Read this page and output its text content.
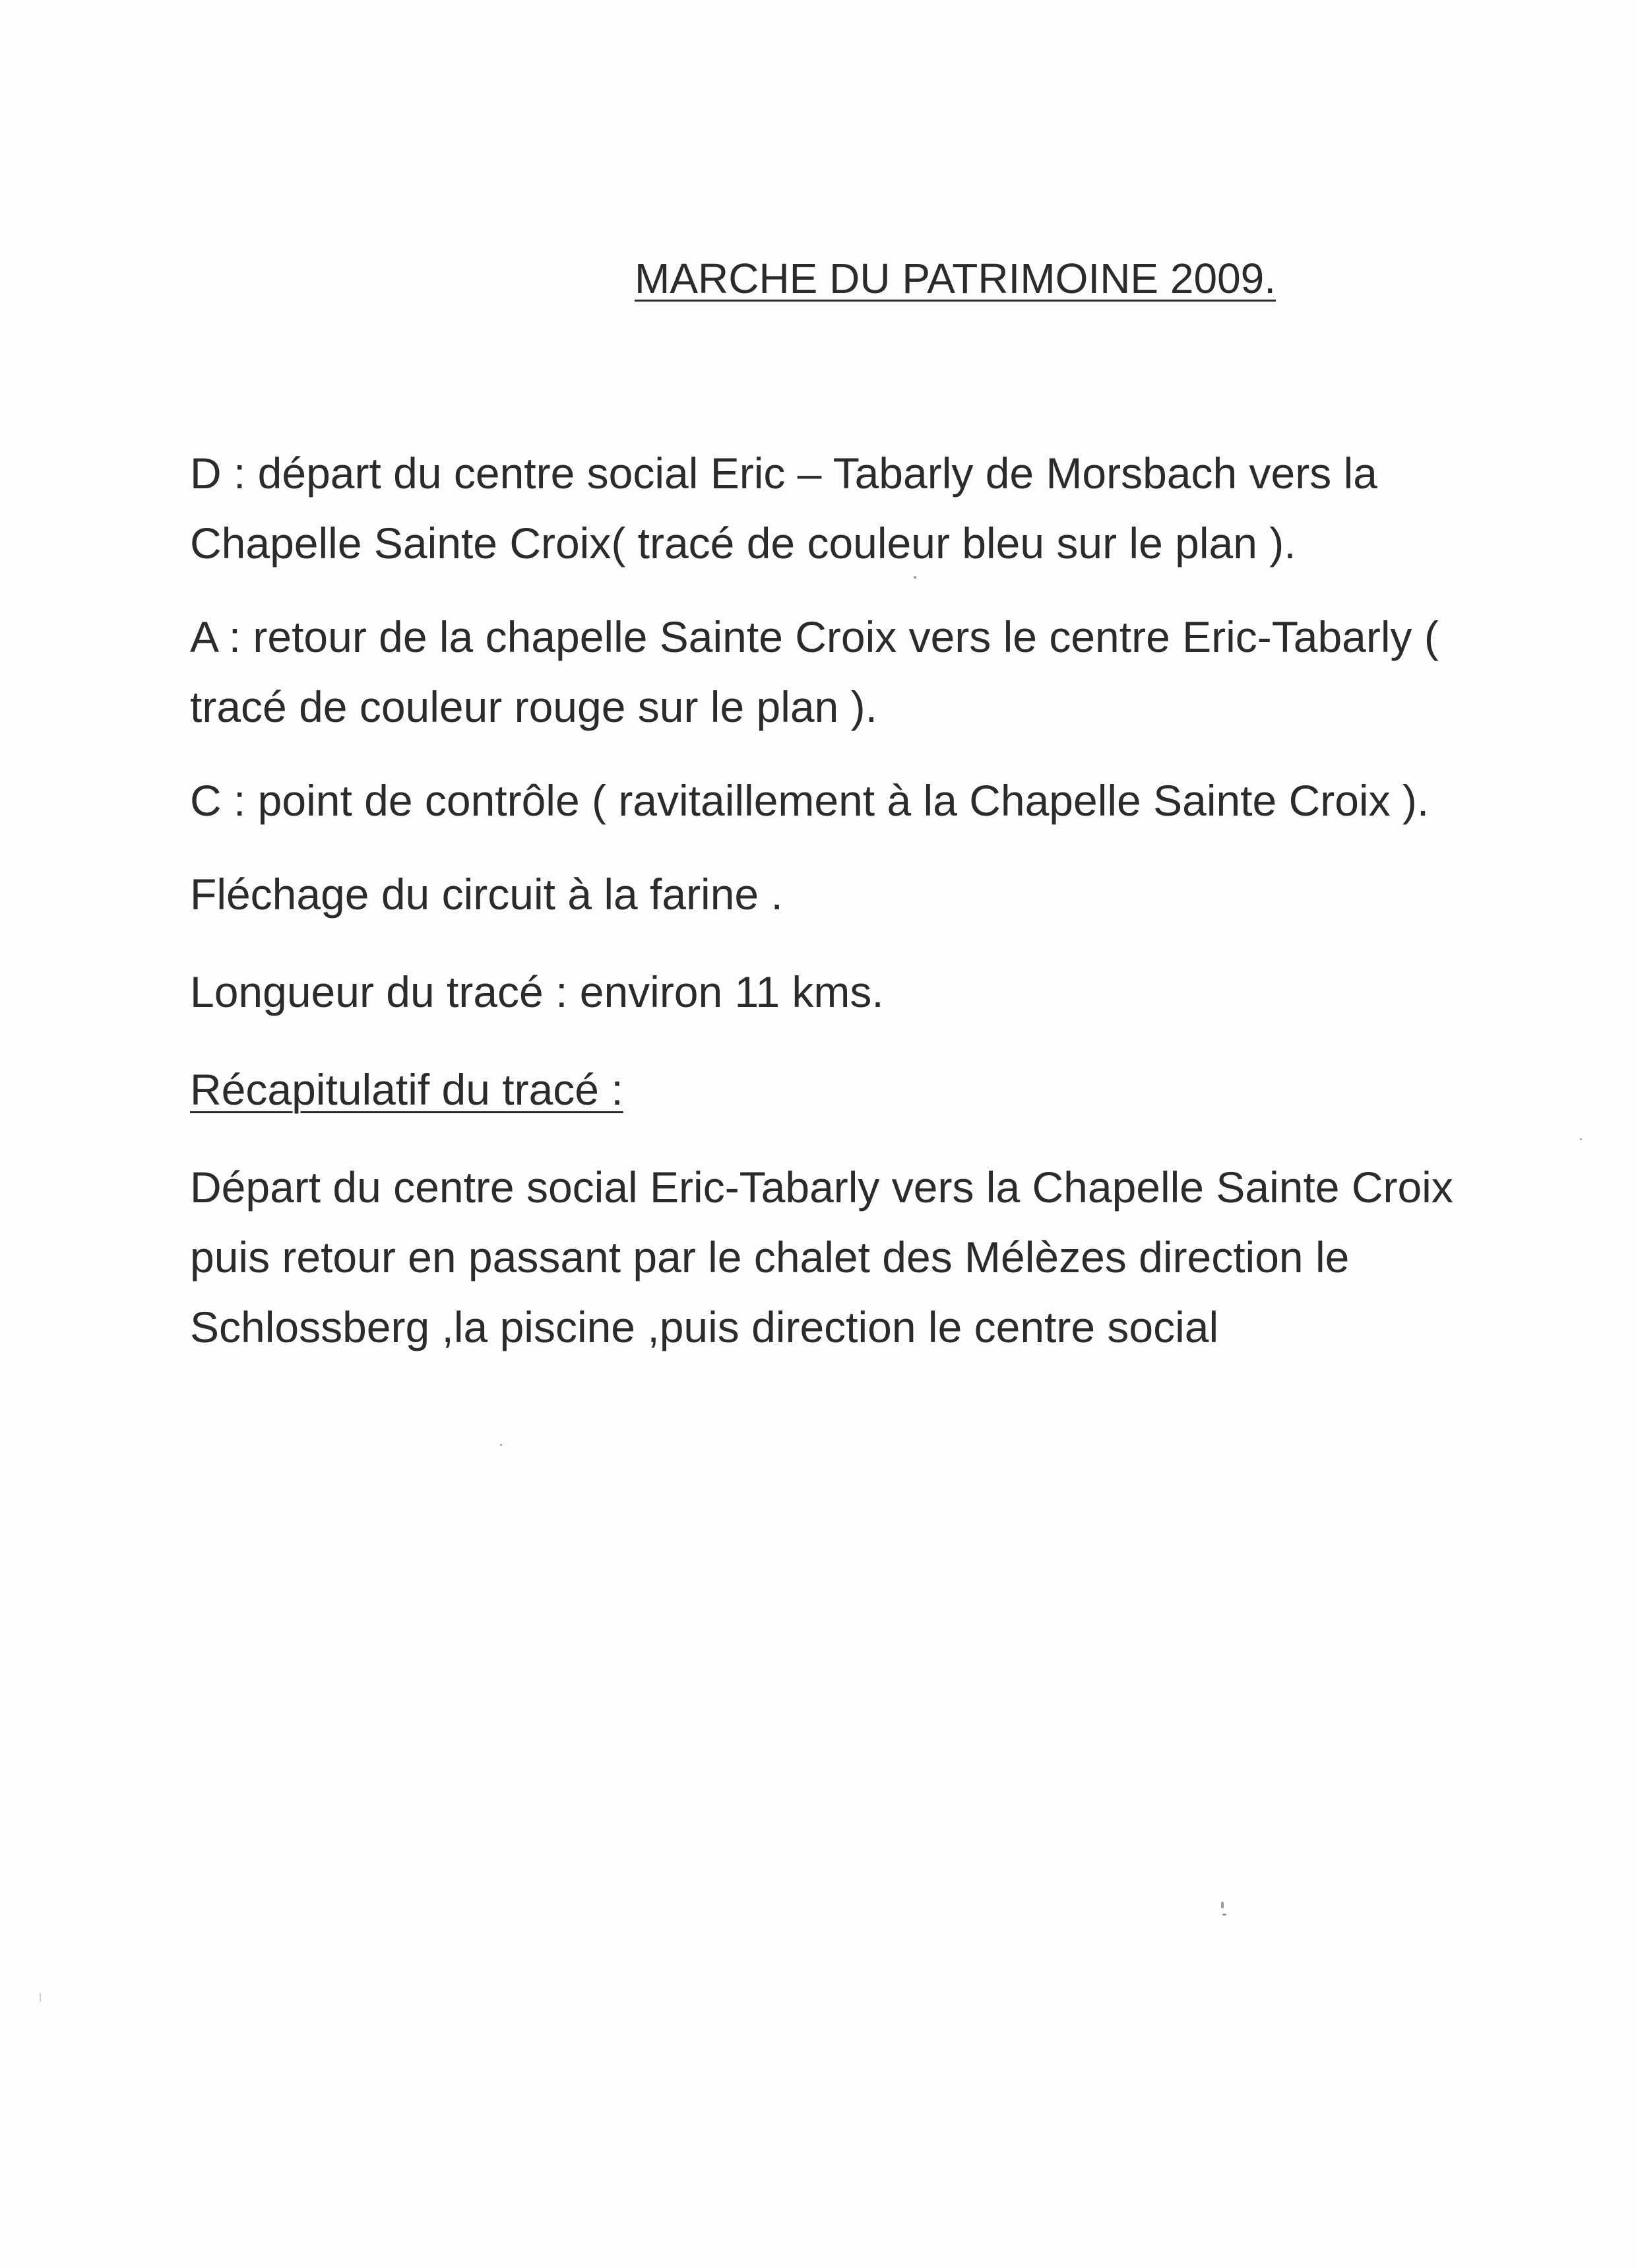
MARCHE DU PATRIMOINE 2009.

D : départ du centre social Eric – Tabarly de Morsbach vers la Chapelle Sainte Croix( tracé de couleur bleu sur le plan ).

A : retour de la chapelle Sainte Croix vers le centre Eric-Tabarly ( tracé de couleur rouge sur le plan ).

C : point de contrôle ( ravitaillement à la Chapelle Sainte Croix ).

Fléchage du circuit à la farine .

Longueur du tracé : environ 11 kms.

Récapitulatif du tracé :

Départ du centre social Eric-Tabarly vers la Chapelle Sainte Croix puis retour en passant par le chalet des Mélèzes direction le Schlossberg ,la piscine ,puis direction le centre social
